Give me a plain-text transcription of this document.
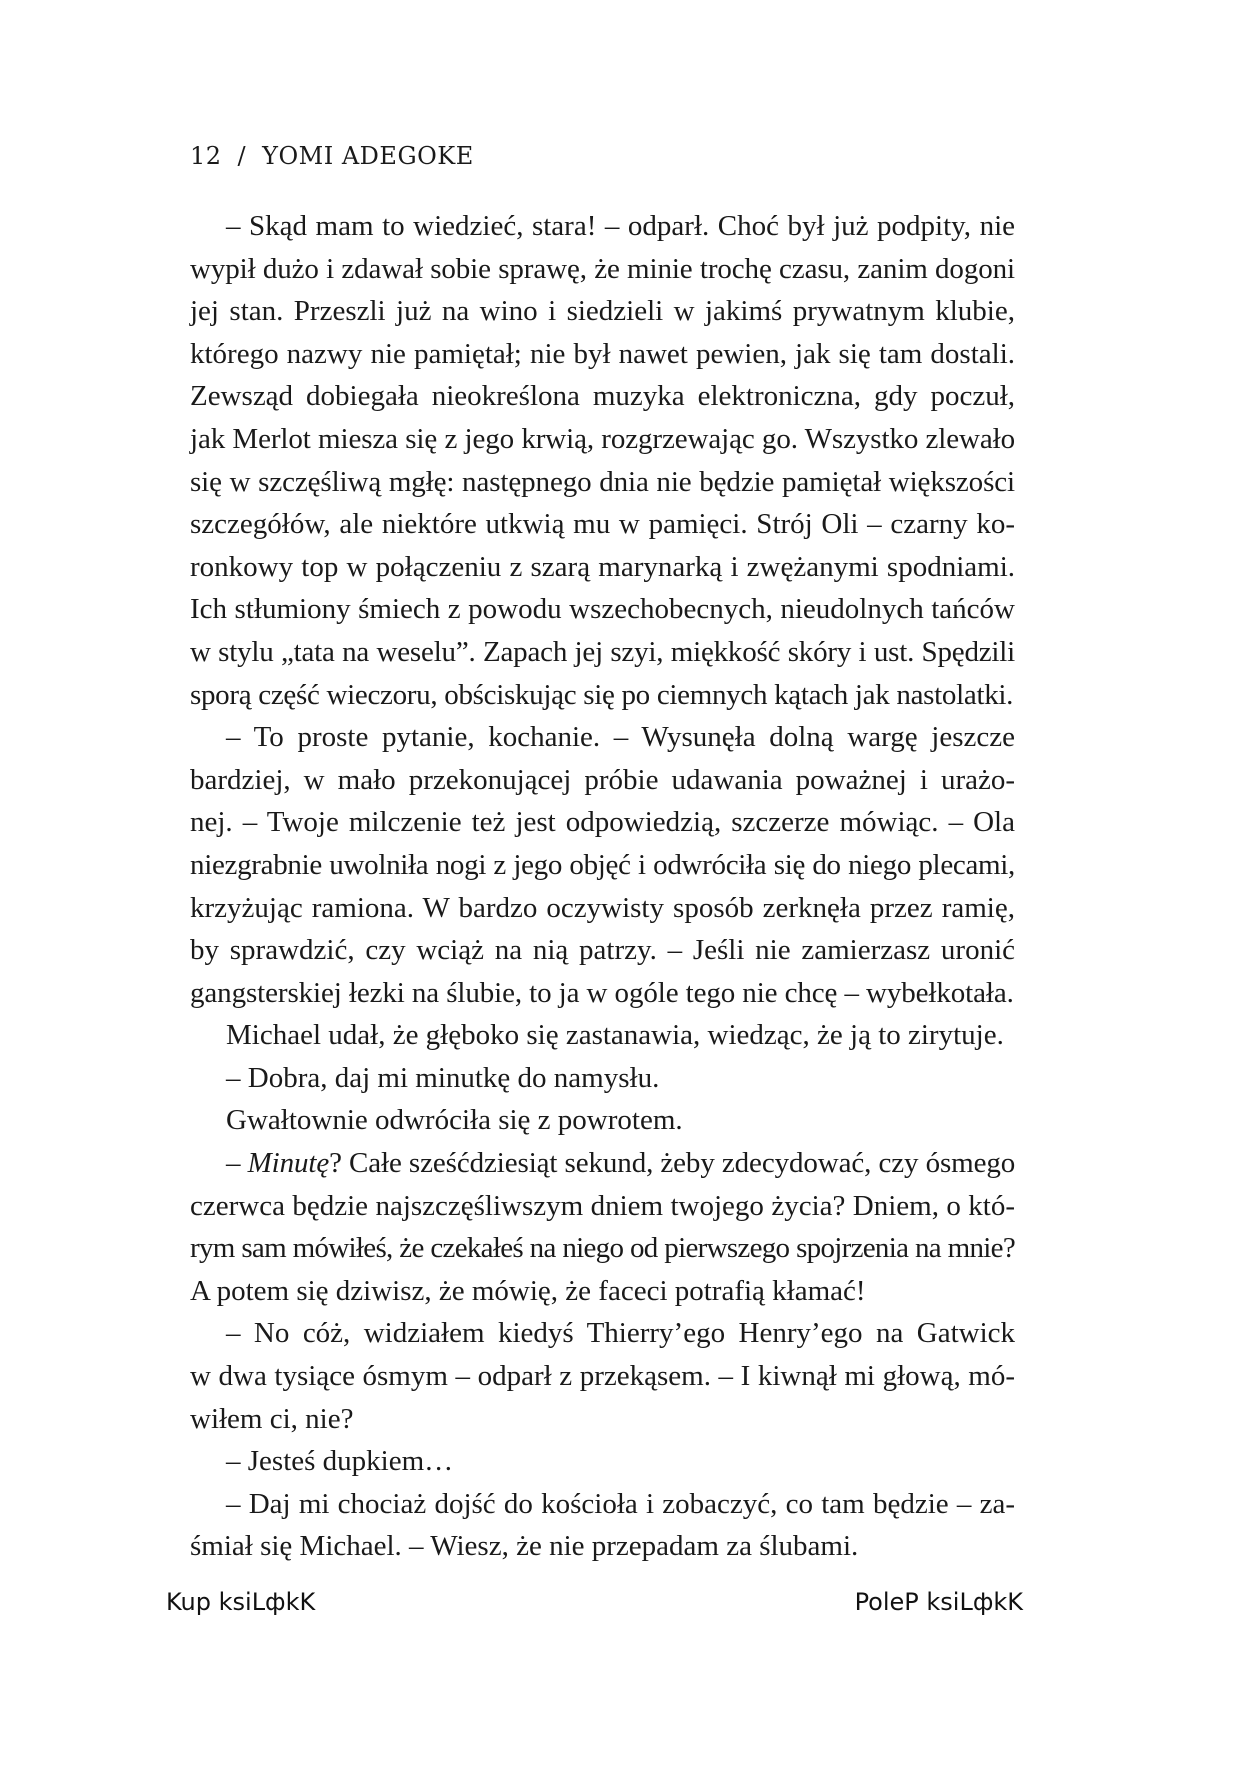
12 / YOMI ADEGOKE
– Skąd mam to wiedzieć, stara! – odparł. Choć był już podpity, nie
wypił dużo i zdawał sobie sprawę, że minie trochę czasu, zanim dogoni
jej stan. Przeszli już na wino i siedzieli w jakimś prywatnym klubie,
którego nazwy nie pamiętał; nie był nawet pewien, jak się tam dostali.
Zewsząd dobiegała nieokreślona muzyka elektroniczna, gdy poczuł,
jak Merlot miesza się z jego krwią, rozgrzewając go. Wszystko zlewało
się w szczęśliwą mgłę: następnego dnia nie będzie pamiętał większości
szczegółów, ale niektóre utkwią mu w pamięci. Strój Oli – czarny ko-
ronkowy top w połączeniu z szarą marynarką i zwężanymi spodniami.
Ich stłumiony śmiech z powodu wszechobecnych, nieudolnych tańców
w stylu „tata na weselu”. Zapach jej szyi, miękkość skóry i ust. Spędzili
sporą część wieczoru, obściskując się po ciemnych kątach jak nastolatki.
– To proste pytanie, kochanie. – Wysunęła dolną wargę jeszcze
bardziej, w mało przekonującej próbie udawania poważnej i urażo-
nej. – Twoje milczenie też jest odpowiedzią, szczerze mówiąc. – Ola
niezgrabnie uwolniła nogi z jego objęć i odwróciła się do niego plecami,
krzyżując ramiona. W bardzo oczywisty sposób zerknęła przez ramię,
by sprawdzić, czy wciąż na nią patrzy. – Jeśli nie zamierzasz uronić
gangsterskiej łezki na ślubie, to ja w ogóle tego nie chcę – wybełkotała.
Michael udał, że głęboko się zastanawia, wiedząc, że ją to zirytuje.
– Dobra, daj mi minutkę do namysłu.
Gwałtownie odwróciła się z powrotem.
– Minutę? Całe sześćdziesiąt sekund, żeby zdecydować, czy ósmego
czerwca będzie najszczęśliwszym dniem twojego życia? Dniem, o któ-
rym sam mówiłeś, że czekałeś na niego od pierwszego spojrzenia na mnie?
A potem się dziwisz, że mówię, że faceci potrafią kłamać!
– No cóż, widziałem kiedyś Thierry’ego Henry’ego na Gatwick
w dwa tysiące ósmym – odparł z przekąsem. – I kiwnął mi głową, mó-
wiłem ci, nie?
– Jesteś dupkiem…
– Daj mi chociaż dojść do kościoła i zobaczyć, co tam będzie – za-
śmiał się Michael. – Wiesz, że nie przepadam za ślubami.
Kup ksiLфkK	PoleP ksiLфkK
